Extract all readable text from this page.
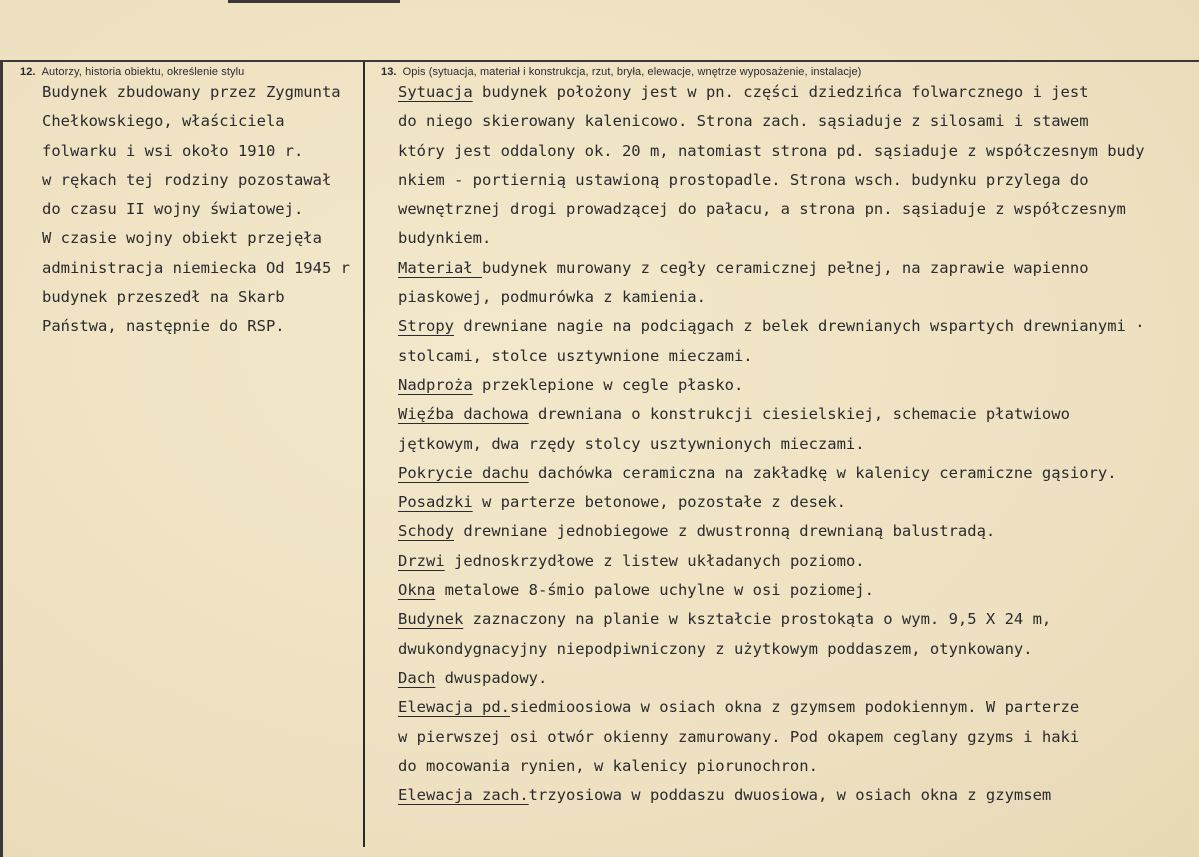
12. Autorzy, historia obiektu, określenie stylu	13. Opis (sytuacja, materiał i konstrukcja, rzut, bryła, elewacje, wnętrze wyposażenie, instalacje)
Budynek zbudowany przez Zygmunta
Chełkowskiego, właściciela
folwarku i wsi około 1910 r.
w rękach tej rodziny pozostawał
do czasu II wojny światowej.
W czasie wojny obiekt przejęła
administracja niemiecka Od 1945 r
budynek przeszedł na Skarb
Państwa, następnie do RSP.
Sytuacja budynek położony jest w pn. części dziedzińca folwarcznego i jest
do niego skierowany kalenicowo. Strona zach. sąsiaduje z silosami i stawem
który jest oddalony ok. 20 m, natomiast strona pd. sąsiaduje z współczesnym budy
nkiem - portiernią ustawioną prostopadle. Strona wsch. budynku przylega do
wewnętrznej drogi prowadzącej do pałacu, a strona pn. sąsiaduje z współczesnym
budynkiem.
Materiał budynek murowany z cegły ceramicznej pełnej, na zaprawie wapienno
piaskowej, podmurówka z kamienia.
Stropy drewniane nagie na podciągach z belek drewnianych wspartych drewnianymi ·
stolcami, stolce usztywnione mieczami.
Nadproża przeklepione w cegle płasko.
Więźba dachowa drewniana o konstrukcji ciesielskiej, schemacie płatwiowo
jętkowym, dwa rzędy stolcy usztywnionych mieczami.
Pokrycie dachu dachówka ceramiczna na zakładkę w kalenicy ceramiczne gąsiory.
Posadzki w parterze betonowe, pozostałe z desek.
Schody drewniane jednobiegowe z dwustronną drewnianą balustradą.
Drzwi jednoskrzydłowe z listew układanych poziomo.
Okna metalowe 8-śmio palowe uchylne w osi poziomej.
Budynek zaznaczony na planie w kształcie prostokąta o wym. 9,5 X 24 m,
dwukondygnacyjny niepodpiwniczony z użytkowym poddaszem, otynkowany.
Dach dwuspadowy.
Elewacja pd.siedmioosiowa w osiach okna z gzymsem podokiennym. W parterze
w pierwszej osi otwór okienny zamurowany. Pod okapem ceglany gzyms i haki
do mocowania rynien, w kalenicy piorunochron.
Elewacja zach.trzyosiowa w poddaszu dwuosiowa, w osiach okna z gzymsem
